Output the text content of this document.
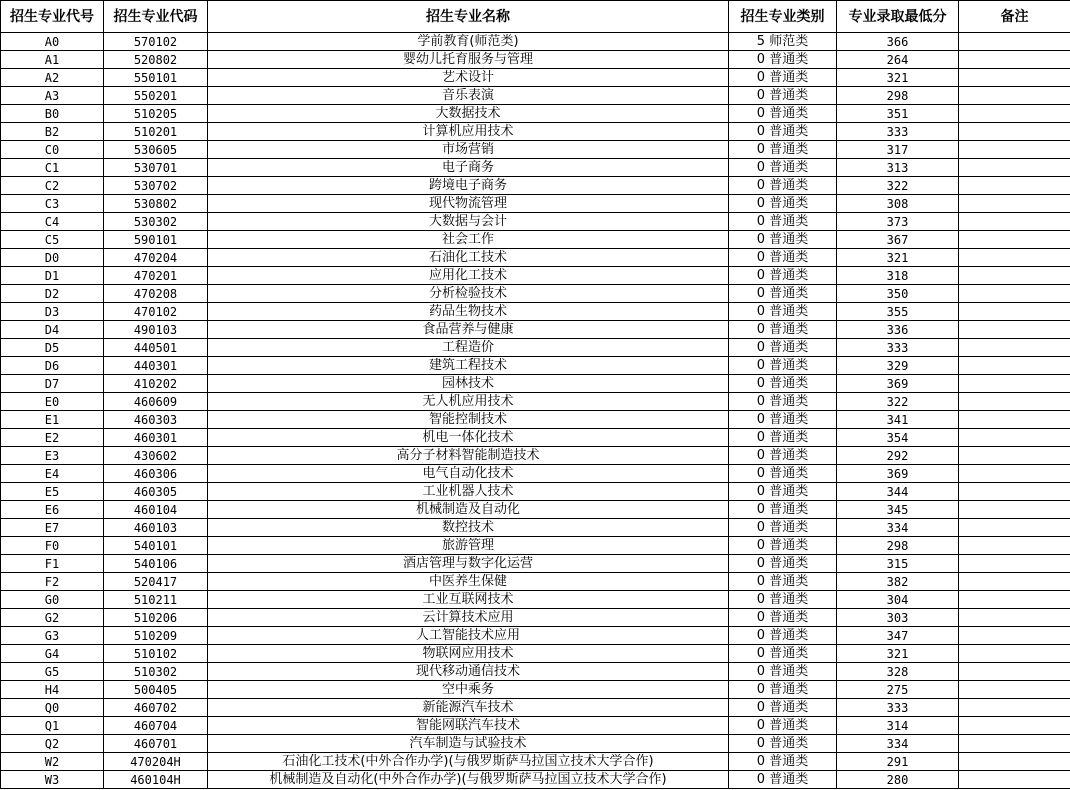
招生专业代号	招生专业代码	招生专业名称	招生专业类别	专业录取最低分	备注
A0	570102	学前教育(师范类)	5 师范类	366	
A1	520802	婴幼儿托育服务与管理	0 普通类	264	
A2	550101	艺术设计	0 普通类	321	
A3	550201	音乐表演	0 普通类	298	
B0	510205	大数据技术	0 普通类	351	
B2	510201	计算机应用技术	0 普通类	333	
C0	530605	市场营销	0 普通类	317	
C1	530701	电子商务	0 普通类	313	
C2	530702	跨境电子商务	0 普通类	322	
C3	530802	现代物流管理	0 普通类	308	
C4	530302	大数据与会计	0 普通类	373	
C5	590101	社会工作	0 普通类	367	
D0	470204	石油化工技术	0 普通类	321	
D1	470201	应用化工技术	0 普通类	318	
D2	470208	分析检验技术	0 普通类	350	
D3	470102	药品生物技术	0 普通类	355	
D4	490103	食品营养与健康	0 普通类	336	
D5	440501	工程造价	0 普通类	333	
D6	440301	建筑工程技术	0 普通类	329	
D7	410202	园林技术	0 普通类	369	
E0	460609	无人机应用技术	0 普通类	322	
E1	460303	智能控制技术	0 普通类	341	
E2	460301	机电一体化技术	0 普通类	354	
E3	430602	高分子材料智能制造技术	0 普通类	292	
E4	460306	电气自动化技术	0 普通类	369	
E5	460305	工业机器人技术	0 普通类	344	
E6	460104	机械制造及自动化	0 普通类	345	
E7	460103	数控技术	0 普通类	334	
F0	540101	旅游管理	0 普通类	298	
F1	540106	酒店管理与数字化运营	0 普通类	315	
F2	520417	中医养生保健	0 普通类	382	
G0	510211	工业互联网技术	0 普通类	304	
G2	510206	云计算技术应用	0 普通类	303	
G3	510209	人工智能技术应用	0 普通类	347	
G4	510102	物联网应用技术	0 普通类	321	
G5	510302	现代移动通信技术	0 普通类	328	
H4	500405	空中乘务	0 普通类	275	
Q0	460702	新能源汽车技术	0 普通类	333	
Q1	460704	智能网联汽车技术	0 普通类	314	
Q2	460701	汽车制造与试验技术	0 普通类	334	
W2	470204H	石油化工技术(中外合作办学)(与俄罗斯萨马拉国立技术大学合作)	0 普通类	291	
W3	460104H	机械制造及自动化(中外合作办学)(与俄罗斯萨马拉国立技术大学合作)	0 普通类	280	
